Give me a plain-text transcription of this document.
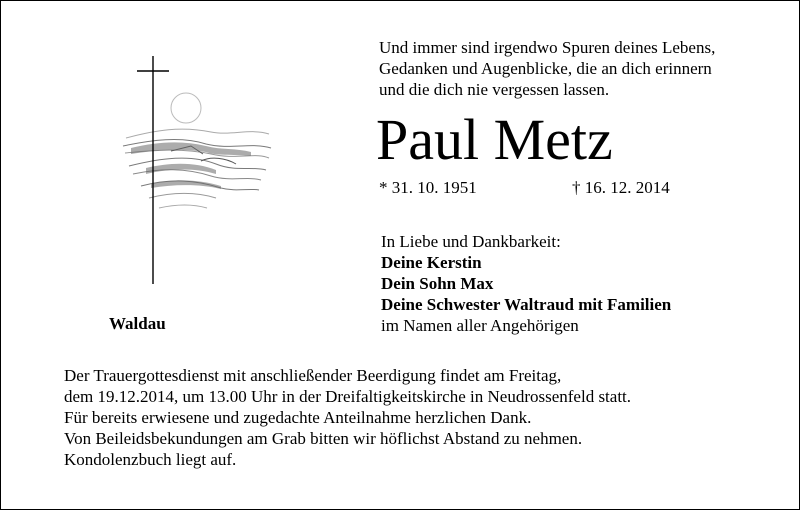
Waldau
Und immer sind irgendwo Spuren deines Lebens,
Gedanken und Augenblicke, die an dich erinnern
und die dich nie vergessen lassen.
Paul Metz
* 31. 10. 1951	† 16. 12. 2014
In Liebe und Dankbarkeit:
Deine Kerstin
Dein Sohn Max
Deine Schwester Waltraud mit Familien
im Namen aller Angehörigen
Der Trauergottesdienst mit anschließender Beerdigung findet am Freitag,
dem 19.12.2014, um 13.00 Uhr in der Dreifaltigkeitskirche in Neudrossenfeld statt.
Für bereits erwiesene und zugedachte Anteilnahme herzlichen Dank.
Von Beileidsbekundungen am Grab bitten wir höflichst Abstand zu nehmen.
Kondolenzbuch liegt auf.
